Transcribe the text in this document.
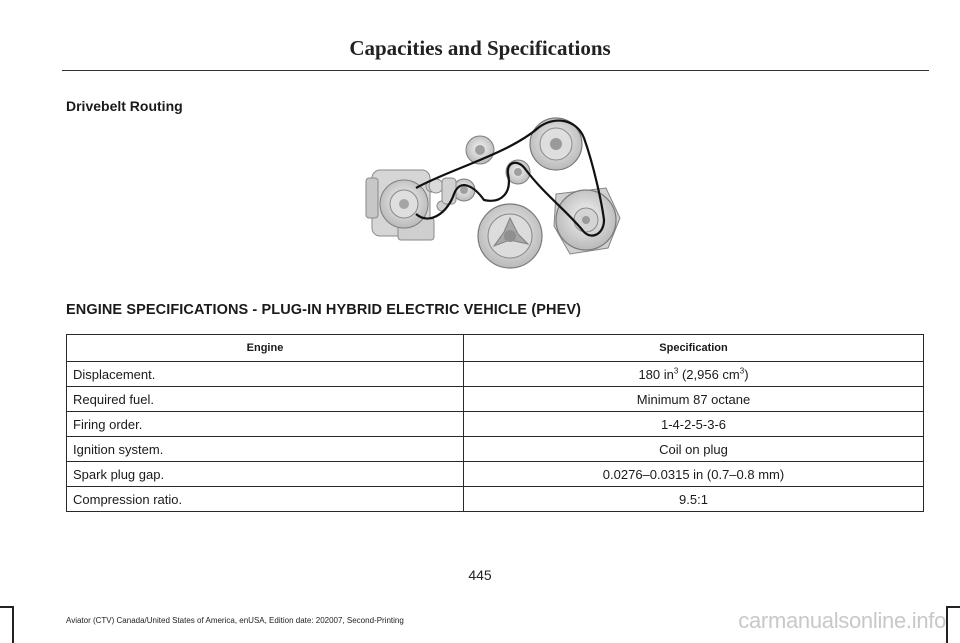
Capacities and Specifications
Drivebelt Routing
ENGINE SPECIFICATIONS - PLUG-IN HYBRID ELECTRIC VEHICLE (PHEV)
Engine	Specification
Displacement.	180 $in^3$ (2,956 $cm^3$)
Required fuel.	Minimum 87 octane
Firing order.	1-4-2-5-3-6
Ignition system.	Coil on plug
Spark plug gap.	0.0276–0.0315 in (0.7–0.8 mm)
Compression ratio.	9.5:1
445
Aviator (CTV) Canada/United States of America, enUSA, Edition date: 202007, Second-Printing	carmanualsonline.info
